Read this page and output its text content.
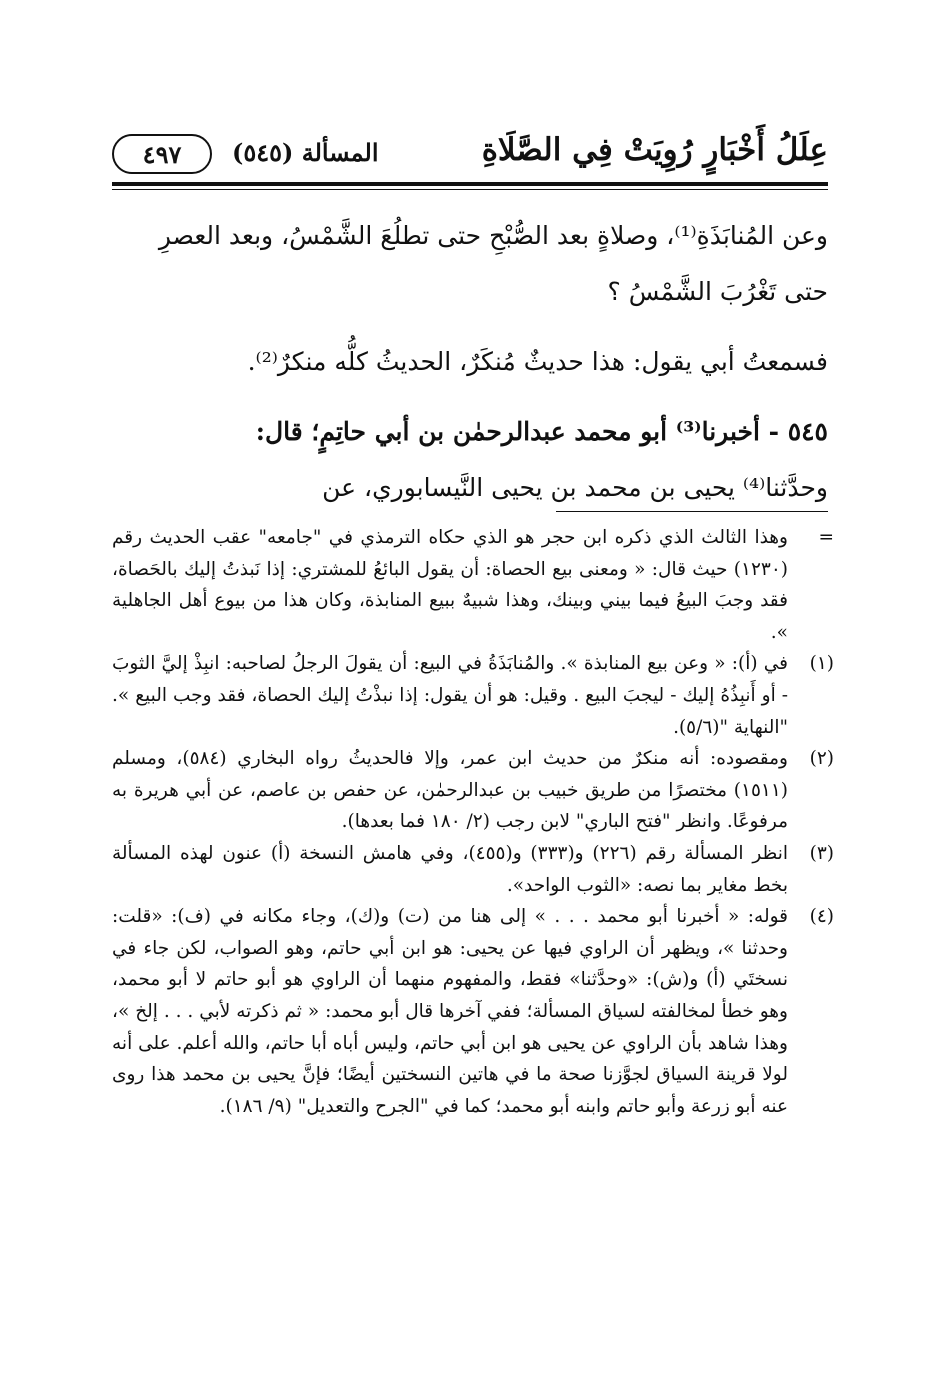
عِلَلُ أَخْبَارٍ رُوِيَتْ فِي الصَّلَاةِ
المسألة (٥٤٥)
٤٩٧

وعن المُنابَذَةِ⁽¹⁾، وصلاةٍ بعد الصُّبْحِ حتى تطلُعَ الشَّمْسُ، وبعد العصرِ

حتى تَغْرُبَ الشَّمْسُ ؟

فسمعتُ أبي يقول: هذا حديثٌ مُنكَرٌ، الحديثُ كلُّه منكرٌ⁽²⁾.

٥٤٥ - أخبرنا⁽³⁾ أبو محمد عبدالرحمٰن بن أبي حاتِمٍ؛ قال:

وحدَّثنا⁽⁴⁾ يحيى بن محمد بن يحيى النَّيسابوري، عن

=
وهذا الثالث الذي ذكره ابن حجر هو الذي حكاه الترمذي في "جامعه" عقب الحديث رقم (١٢٣٠) حيث قال: « ومعنى بيع الحصاة: أن يقول البائعُ للمشتري: إذا نَبذتُ إليك بالحَصاة، فقد وجبَ البيعُ فيما بيني وبينك، وهذا شبيهٌ ببيع المنابذة، وكان هذا من بيوع أهل الجاهلية ».
(١)
في (أ): « وعن بيع المنابذة ». والمُنابَذَةُ في البيع: أن يقولَ الرجلُ لصاحبه: انبِذْ إليَّ الثوبَ - أو أَنبِذُهُ إليك - ليجبَ البيع . وقيل: هو أن يقول: إذا نبذْتُ إليك الحصاة، فقد وجب البيع ». "النهاية "(٥/٦).
(٢)
ومقصوده: أنه منكرٌ من حديث ابن عمر، وإلا فالحديثُ رواه البخاري (٥٨٤)، ومسلم (١٥١١) مختصرًا من طريق خبيب بن عبدالرحمٰن، عن حفص بن عاصم، عن أبي هريرة به مرفوعًا. وانظر "فتح الباري" لابن رجب (٢/ ١٨٠ فما بعدها).
(٣)
انظر المسألة رقم (٢٢٦) و(٣٣٣) و(٤٥٥)، وفي هامش النسخة (أ) عنون لهذه المسألة بخط مغاير بما نصه: «الثوب الواحد».
(٤)
قوله: « أخبرنا أبو محمد . . . » إلى هنا من (ت) و(ك)، وجاء مكانه في (ف): «قلت: وحدثنا »، ويظهر أن الراوي فيها عن يحيى: هو ابن أبي حاتم، وهو الصواب، لكن جاء في نسختَي (أ) و(ش): «وحدَّثنا» فقط، والمفهوم منهما أن الراوي هو أبو حاتم لا أبو محمد، وهو خطأ لمخالفته لسياق المسألة؛ ففي آخرها قال أبو محمد: « ثم ذكرته لأبي . . . إلخ »، وهذا شاهد بأن الراوي عن يحيى هو ابن أبي حاتم، وليس أباه أبا حاتم، والله أعلم. على أنه لولا قرينة السياق لجوَّزنا صحة ما في هاتين النسختين أيضًا؛ فإنَّ يحيى بن محمد هذا روى عنه أبو زرعة وأبو حاتم وابنه أبو محمد؛ كما في "الجرح والتعديل" (٩/ ١٨٦).
